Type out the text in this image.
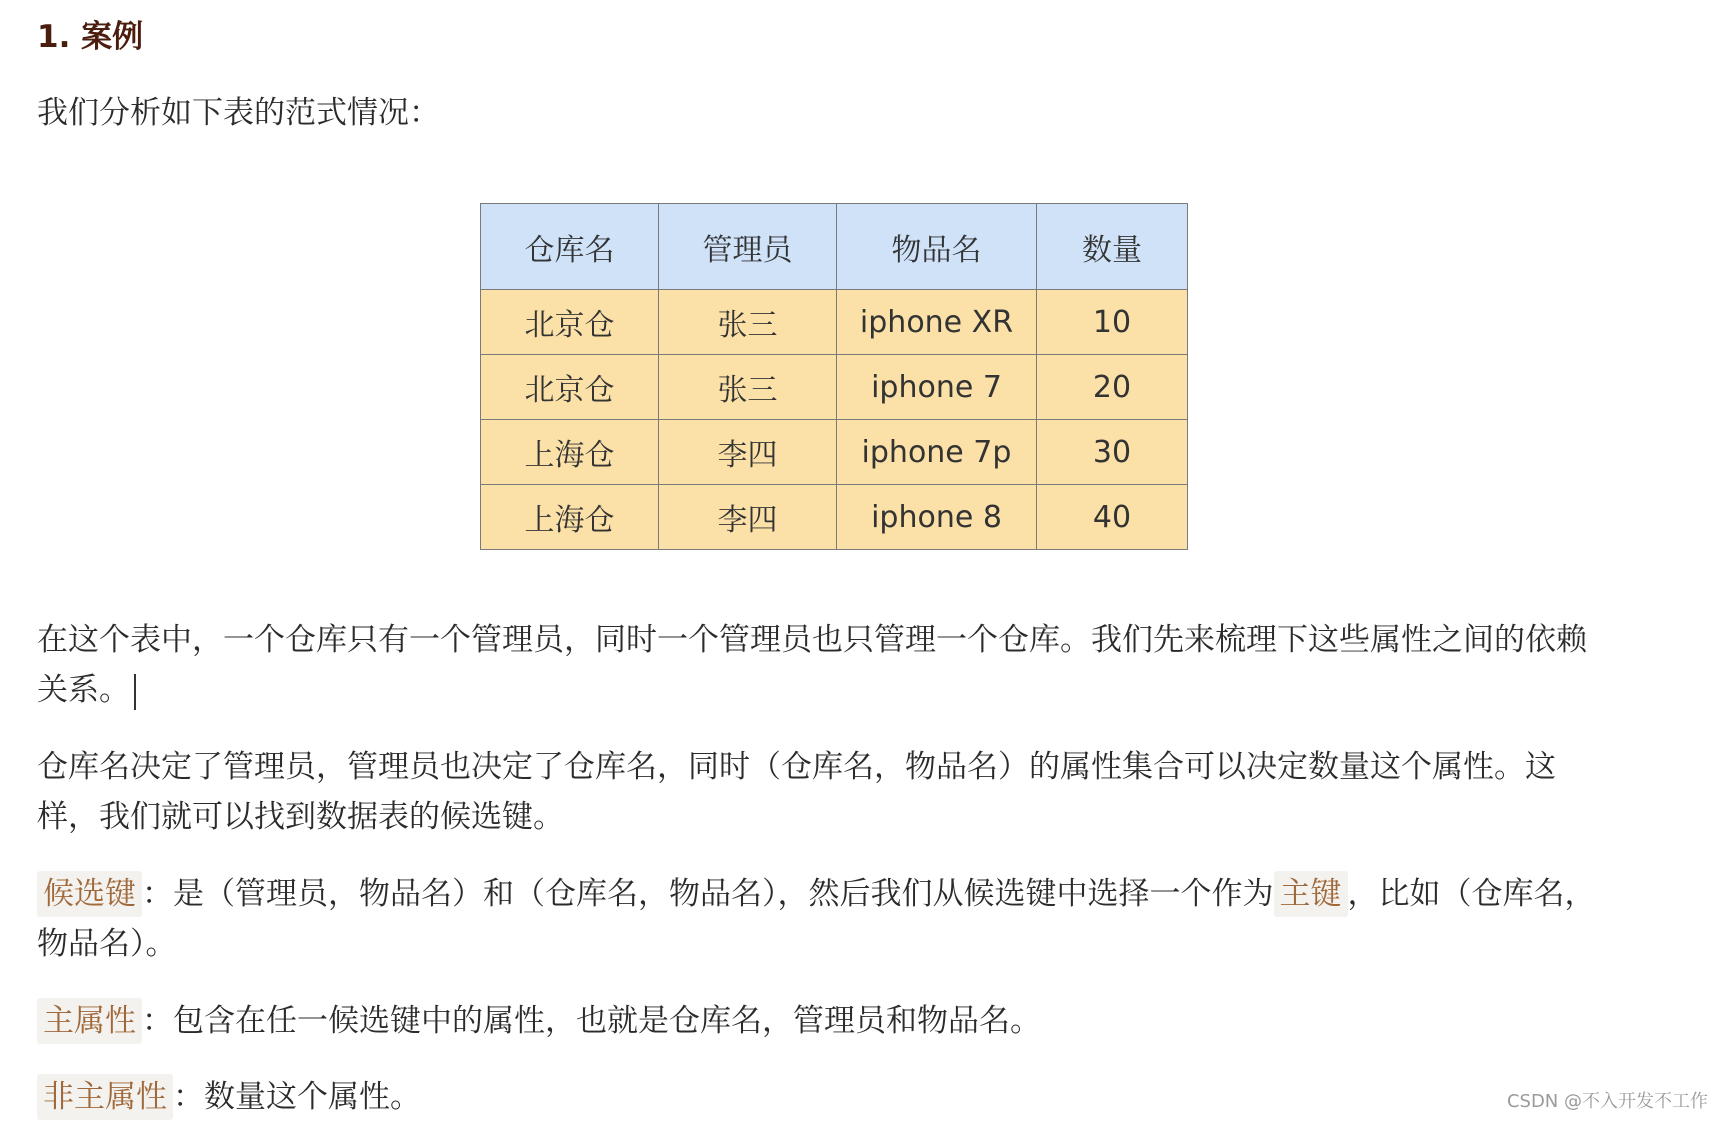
1. 案例
我们分析如下表的范式情况：
仓库名	管理员	物品名	数量
北京仓	张三	iphone XR	10
北京仓	张三	iphone 7	20
上海仓	李四	iphone 7p	30
上海仓	李四	iphone 8	40
在这个表中，一个仓库只有一个管理员，同时一个管理员也只管理一个仓库。我们先来梳理下这些属性之间的依赖关系。
仓库名决定了管理员，管理员也决定了仓库名，同时（仓库名，物品名）的属性集合可以决定数量这个属性。这样，我们就可以找到数据表的候选键。
候选键 ：是（管理员，物品名）和（仓库名，物品名），然后我们从候选键中选择一个作为 主键 ，比如（仓库名，物品名）。
主属性 ：包含在任一候选键中的属性，也就是仓库名，管理员和物品名。
非主属性 ：数量这个属性。	CSDN @不入开发不工作
